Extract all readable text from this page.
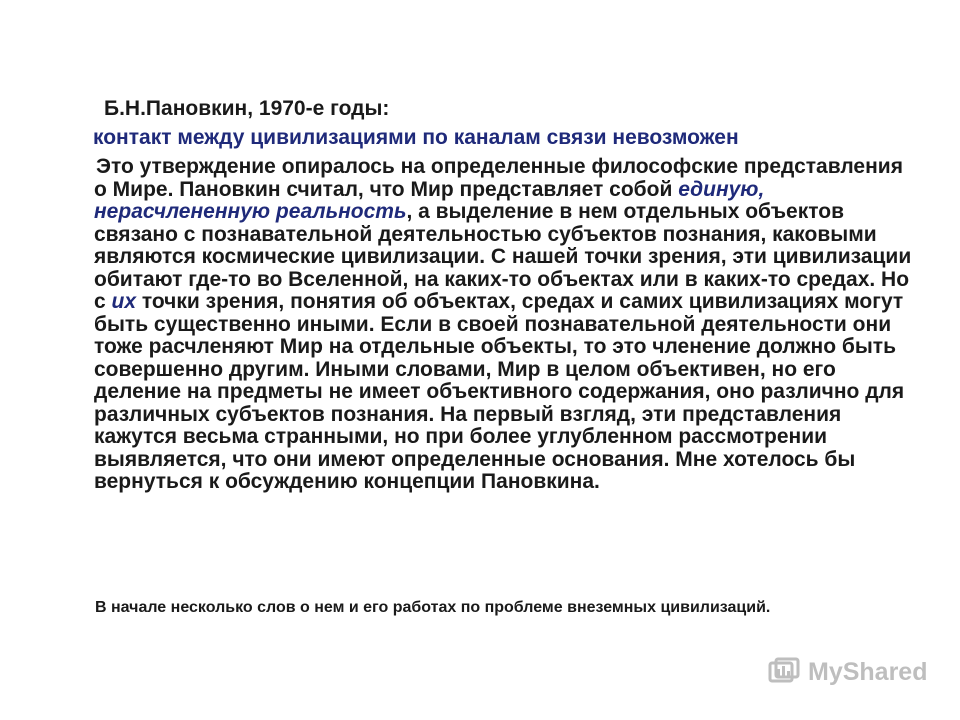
Б.Н.Пановкин, 1970-е годы:
контакт между цивилизациями по каналам связи невозможен
Это утверждение опиралось на определенные философские представления о Мире. Пановкин считал, что Мир представляет собой единую, нерасчлененную реальность, а выделение в нем отдельных объектов связано с познавательной деятельностью субъектов познания, каковыми являются космические цивилизации. С нашей точки зрения, эти цивилизации обитают где-то во Вселенной, на каких-то объектах или в каких-то средах. Но с их точки зрения, понятия об объектах, средах и самих цивилизациях могут быть существенно иными. Если в своей познавательной деятельности они тоже расчленяют Мир на отдельные объекты, то это членение должно быть совершенно другим. Иными словами, Мир в целом объективен, но его деление на предметы не имеет объективного содержания, оно различно для различных субъектов познания. На первый взгляд, эти представления кажутся весьма странными, но при более углубленном рассмотрении выявляется, что они имеют определенные основания. Мне хотелось бы вернуться к обсуждению концепции Пановкина.
В начале несколько слов о нем и его работах по проблеме внеземных цивилизаций.
MyShared
